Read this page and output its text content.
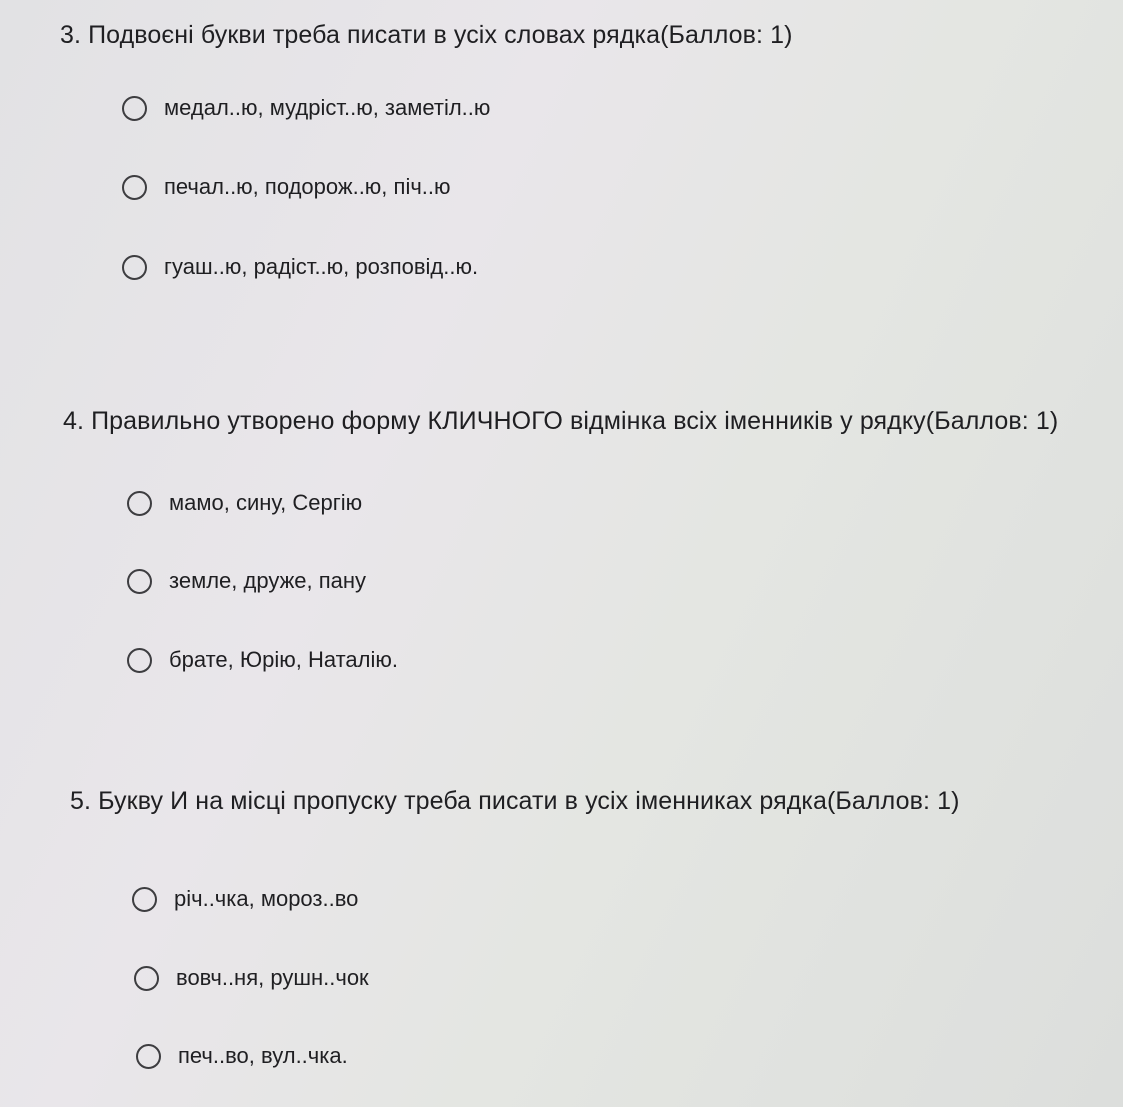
3. Подвоєні букви треба писати в усіх словах рядка(Баллов: 1)
медал..ю, мудріст..ю, заметіл..ю
печал..ю, подорож..ю, піч..ю
гуаш..ю, радіст..ю, розповід..ю.
4. Правильно утворено форму КЛИЧНОГО відмінка всіх іменників у рядку(Баллов: 1)
мамо, сину, Сергію
земле, друже, пану
брате, Юрію, Наталію.
5. Букву И на місці пропуску треба писати в усіх іменниках рядка(Баллов: 1)
річ..чка, мороз..во
вовч..ня, рушн..чок
печ..во, вул..чка.
